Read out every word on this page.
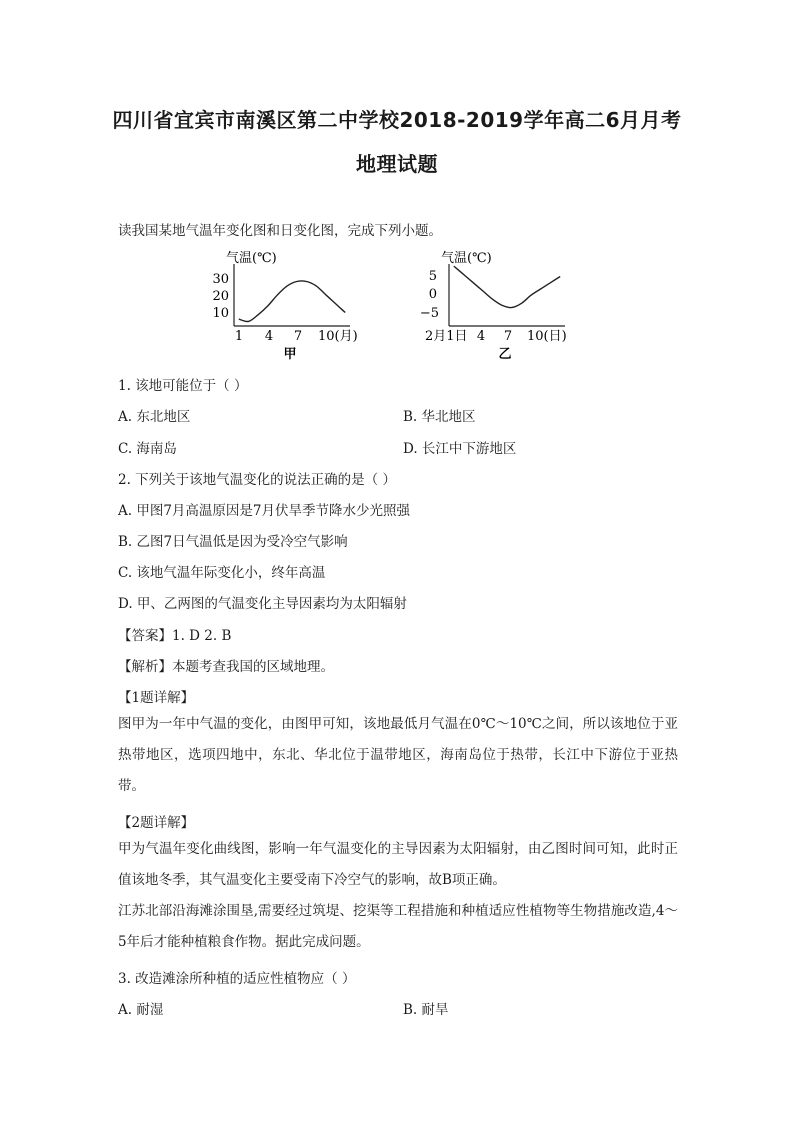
四川省宜宾市南溪区第二中学校2018-2019学年高二6月月考
地理试题
读我国某地气温年变化图和日变化图，完成下列小题。
气温(℃)
30
20
10
1 4 7 10(月)
甲
气温(℃)
5
0
−5
2月1日 4 7 10(日)
乙
1. 该地可能位于（ ）
A. 东北地区	B. 华北地区
C. 海南岛	D. 长江中下游地区
2. 下列关于该地气温变化的说法正确的是（ ）
A. 甲图7月高温原因是7月伏旱季节降水少光照强
B. 乙图7日气温低是因为受冷空气影响
C. 该地气温年际变化小，终年高温
D. 甲、乙两图的气温变化主导因素均为太阳辐射
【答案】1. D 2. B
【解析】本题考查我国的区域地理。
【1题详解】
图甲为一年中气温的变化，由图甲可知，该地最低月气温在0℃～10℃之间，所以该地位于亚热带地区，选项四地中，东北、华北位于温带地区，海南岛位于热带，长江中下游位于亚热带。
【2题详解】
甲为气温年变化曲线图，影响一年气温变化的主导因素为太阳辐射，由乙图时间可知，此时正值该地冬季，其气温变化主要受南下冷空气的影响，故B项正确。
江苏北部沿海滩涂围垦,需要经过筑堤、挖渠等工程措施和种植适应性植物等生物措施改造,4～5年后才能种植粮食作物。据此完成问题。
3. 改造滩涂所种植的适应性植物应（ ）
A. 耐湿	B. 耐旱
